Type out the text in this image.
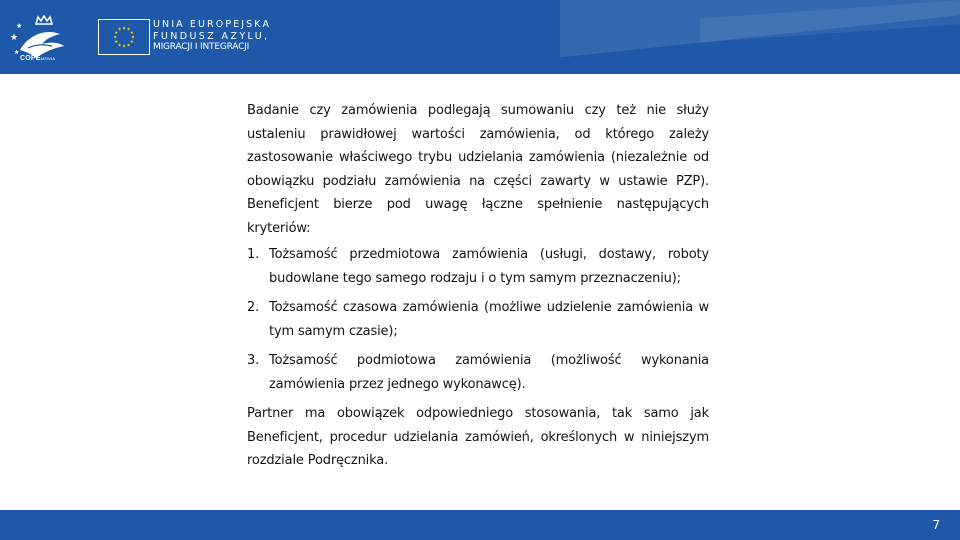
★
★
★
COPEMSWIA
★ ★
★
★
★
★
★
★
★
★
★
★	UNIA EUROPEJSKA
FUNDUSZ AZYLU,
MIGRACJI I INTEGRACJI

Badanie czy zamówienia podlegają sumowaniu czy też nie służy ustaleniu prawidłowej wartości zamówienia, od którego zależy zastosowanie właściwego trybu udzielania zamówienia (niezależnie od obowiązku podziału zamówienia na części zawarty w ustawie PZP). Beneficjent bierze pod uwagę łączne spełnienie następujących kryteriów:

1. Tożsamość przedmiotowa zamówienia (usługi, dostawy, roboty budowlane tego samego rodzaju i o tym samym przeznaczeniu);
2. Tożsamość czasowa zamówienia (możliwe udzielenie zamówienia w tym samym czasie);
3. Tożsamość podmiotowa zamówienia (możliwość wykonania zamówienia przez jednego wykonawcę).

Partner ma obowiązek odpowiedniego stosowania, tak samo jak Beneficjent, procedur udzielania zamówień, określonych w niniejszym rozdziale Podręcznika.

7
